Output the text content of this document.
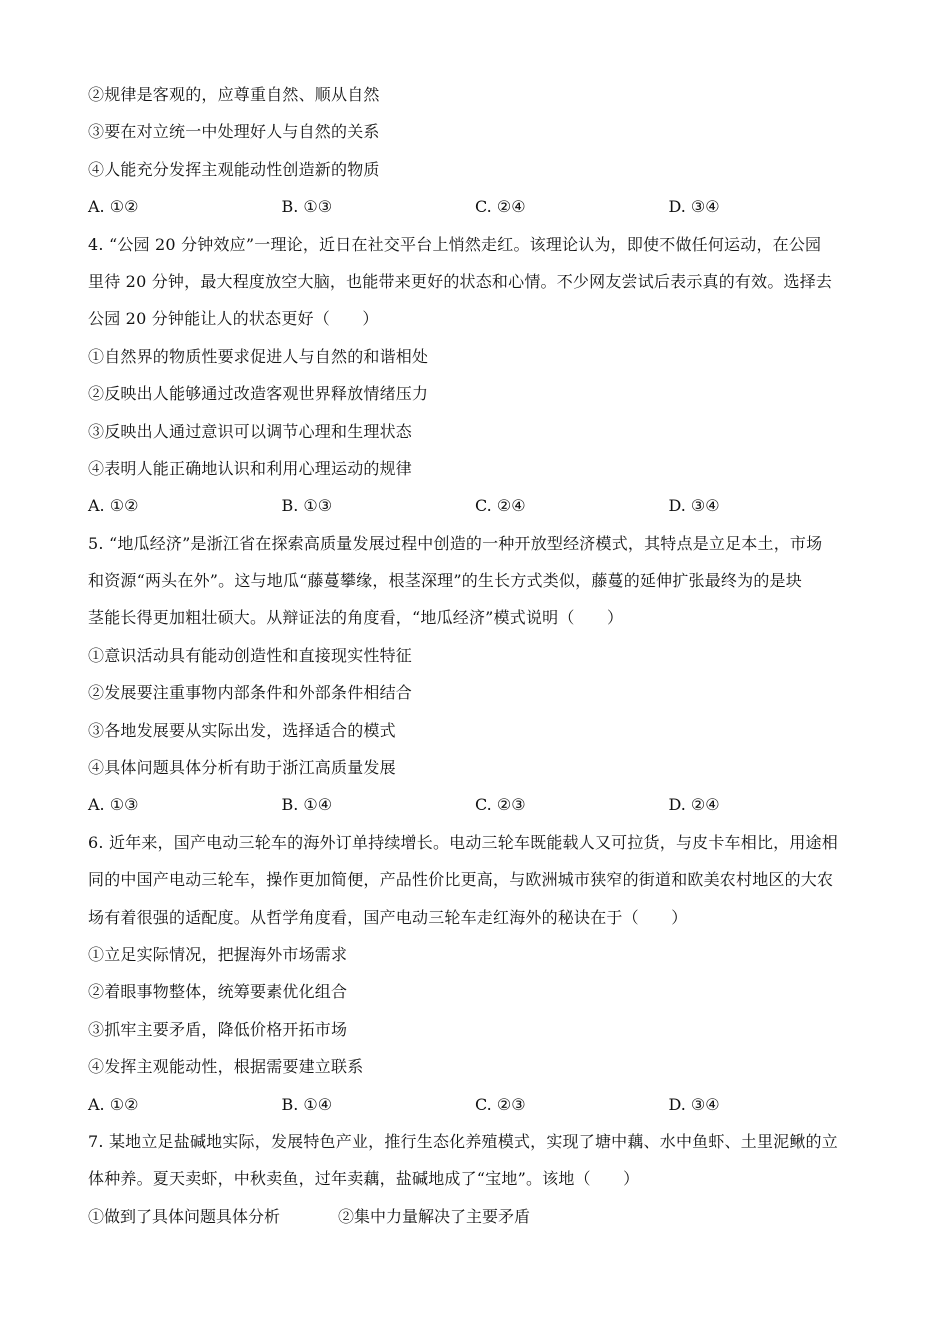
②规律是客观的，应尊重自然、顺从自然
③要在对立统一中处理好人与自然的关系
④人能充分发挥主观能动性创造新的物质
A. ①②	B. ①③	C. ②④	D. ③④
4. “公园 20 分钟效应”一理论，近日在社交平台上悄然走红。该理论认为，即使不做任何运动，在公园
里待 20 分钟，最大程度放空大脑，也能带来更好的状态和心情。不少网友尝试后表示真的有效。选择去
公园 20 分钟能让人的状态更好（　　）
①自然界的物质性要求促进人与自然的和谐相处
②反映出人能够通过改造客观世界释放情绪压力
③反映出人通过意识可以调节心理和生理状态
④表明人能正确地认识和利用心理运动的规律
A. ①②	B. ①③	C. ②④	D. ③④
5. “地瓜经济”是浙江省在探索高质量发展过程中创造的一种开放型经济模式，其特点是立足本土，市场
和资源“两头在外”。这与地瓜“藤蔓攀缘，根茎深理”的生长方式类似，藤蔓的延伸扩张最终为的是块
茎能长得更加粗壮硕大。从辩证法的角度看，“地瓜经济”模式说明（　　）
①意识活动具有能动创造性和直接现实性特征
②发展要注重事物内部条件和外部条件相结合
③各地发展要从实际出发，选择适合的模式
④具体问题具体分析有助于浙江高质量发展
A. ①③	B. ①④	C. ②③	D. ②④
6. 近年来，国产电动三轮车的海外订单持续增长。电动三轮车既能载人又可拉货，与皮卡车相比，用途相
同的中国产电动三轮车，操作更加简便，产品性价比更高，与欧洲城市狭窄的街道和欧美农村地区的大农
场有着很强的适配度。从哲学角度看，国产电动三轮车走红海外的秘诀在于（　　）
①立足实际情况，把握海外市场需求
②着眼事物整体，统筹要素优化组合
③抓牢主要矛盾，降低价格开拓市场
④发挥主观能动性，根据需要建立联系
A. ①②	B. ①④	C. ②③	D. ③④
7. 某地立足盐碱地实际，发展特色产业，推行生态化养殖模式，实现了塘中藕、水中鱼虾、土里泥鳅的立
体种养。夏天卖虾，中秋卖鱼，过年卖藕，盐碱地成了“宝地”。该地（　　）
①做到了具体问题具体分析	②集中力量解决了主要矛盾
